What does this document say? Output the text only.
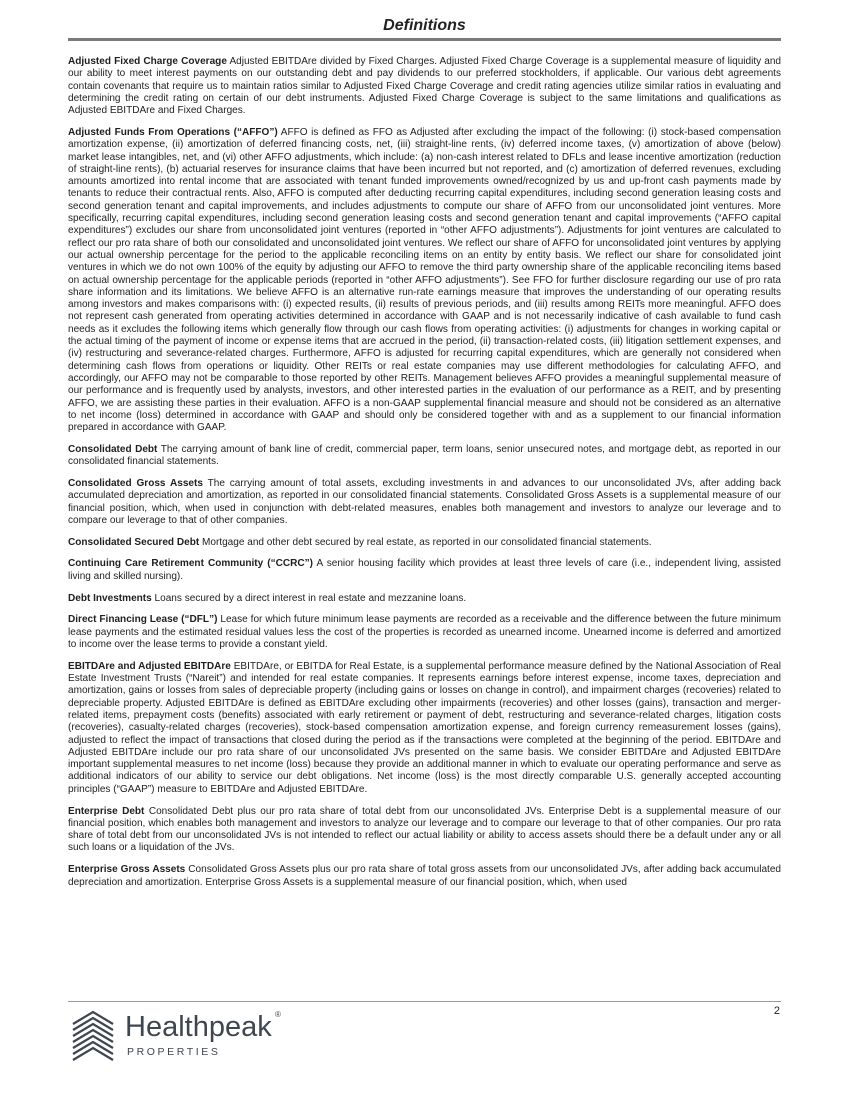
Definitions

Adjusted Fixed Charge Coverage Adjusted EBITDAre divided by Fixed Charges. Adjusted Fixed Charge Coverage is a supplemental measure of liquidity and our ability to meet interest payments on our outstanding debt and pay dividends to our preferred stockholders, if applicable. Our various debt agreements contain covenants that require us to maintain ratios similar to Adjusted Fixed Charge Coverage and credit rating agencies utilize similar ratios in evaluating and determining the credit rating on certain of our debt instruments. Adjusted Fixed Charge Coverage is subject to the same limitations and qualifications as Adjusted EBITDAre and Fixed Charges.

Adjusted Funds From Operations (“AFFO”) AFFO is defined as FFO as Adjusted after excluding the impact of the following: (i) stock-based compensation amortization expense, (ii) amortization of deferred financing costs, net, (iii) straight-line rents, (iv) deferred income taxes, (v) amortization of above (below) market lease intangibles, net, and (vi) other AFFO adjustments, which include: (a) non-cash interest related to DFLs and lease incentive amortization (reduction of straight-line rents), (b) actuarial reserves for insurance claims that have been incurred but not reported, and (c) amortization of deferred revenues, excluding amounts amortized into rental income that are associated with tenant funded improvements owned/recognized by us and up-front cash payments made by tenants to reduce their contractual rents. Also, AFFO is computed after deducting recurring capital expenditures, including second generation leasing costs and second generation tenant and capital improvements, and includes adjustments to compute our share of AFFO from our unconsolidated joint ventures. More specifically, recurring capital expenditures, including second generation leasing costs and second generation tenant and capital improvements (“AFFO capital expenditures”) excludes our share from unconsolidated joint ventures (reported in “other AFFO adjustments”). Adjustments for joint ventures are calculated to reflect our pro rata share of both our consolidated and unconsolidated joint ventures. We reflect our share of AFFO for unconsolidated joint ventures by applying our actual ownership percentage for the period to the applicable reconciling items on an entity by entity basis. We reflect our share for consolidated joint ventures in which we do not own 100% of the equity by adjusting our AFFO to remove the third party ownership share of the applicable reconciling items based on actual ownership percentage for the applicable periods (reported in “other AFFO adjustments”). See FFO for further disclosure regarding our use of pro rata share information and its limitations. We believe AFFO is an alternative run-rate earnings measure that improves the understanding of our operating results among investors and makes comparisons with: (i) expected results, (ii) results of previous periods, and (iii) results among REITs more meaningful. AFFO does not represent cash generated from operating activities determined in accordance with GAAP and is not necessarily indicative of cash available to fund cash needs as it excludes the following items which generally flow through our cash flows from operating activities: (i) adjustments for changes in working capital or the actual timing of the payment of income or expense items that are accrued in the period, (ii) transaction-related costs, (iii) litigation settlement expenses, and (iv) restructuring and severance-related charges. Furthermore, AFFO is adjusted for recurring capital expenditures, which are generally not considered when determining cash flows from operations or liquidity. Other REITs or real estate companies may use different methodologies for calculating AFFO, and accordingly, our AFFO may not be comparable to those reported by other REITs. Management believes AFFO provides a meaningful supplemental measure of our performance and is frequently used by analysts, investors, and other interested parties in the evaluation of our performance as a REIT, and by presenting AFFO, we are assisting these parties in their evaluation. AFFO is a non-GAAP supplemental financial measure and should not be considered as an alternative to net income (loss) determined in accordance with GAAP and should only be considered together with and as a supplement to our financial information prepared in accordance with GAAP.

Consolidated Debt The carrying amount of bank line of credit, commercial paper, term loans, senior unsecured notes, and mortgage debt, as reported in our consolidated financial statements.

Consolidated Gross Assets The carrying amount of total assets, excluding investments in and advances to our unconsolidated JVs, after adding back accumulated depreciation and amortization, as reported in our consolidated financial statements. Consolidated Gross Assets is a supplemental measure of our financial position, which, when used in conjunction with debt-related measures, enables both management and investors to analyze our leverage and to compare our leverage to that of other companies.

Consolidated Secured Debt Mortgage and other debt secured by real estate, as reported in our consolidated financial statements.

Continuing Care Retirement Community (“CCRC”) A senior housing facility which provides at least three levels of care (i.e., independent living, assisted living and skilled nursing).

Debt Investments Loans secured by a direct interest in real estate and mezzanine loans.

Direct Financing Lease (“DFL”) Lease for which future minimum lease payments are recorded as a receivable and the difference between the future minimum lease payments and the estimated residual values less the cost of the properties is recorded as unearned income. Unearned income is deferred and amortized to income over the lease terms to provide a constant yield.

EBITDAre and Adjusted EBITDAre EBITDAre, or EBITDA for Real Estate, is a supplemental performance measure defined by the National Association of Real Estate Investment Trusts (“Nareit”) and intended for real estate companies. It represents earnings before interest expense, income taxes, depreciation and amortization, gains or losses from sales of depreciable property (including gains or losses on change in control), and impairment charges (recoveries) related to depreciable property. Adjusted EBITDAre is defined as EBITDAre excluding other impairments (recoveries) and other losses (gains), transaction and merger-related items, prepayment costs (benefits) associated with early retirement or payment of debt, restructuring and severance-related charges, litigation costs (recoveries), casualty-related charges (recoveries), stock-based compensation amortization expense, and foreign currency remeasurement losses (gains), adjusted to reflect the impact of transactions that closed during the period as if the transactions were completed at the beginning of the period. EBITDAre and Adjusted EBITDAre include our pro rata share of our unconsolidated JVs presented on the same basis. We consider EBITDAre and Adjusted EBITDAre important supplemental measures to net income (loss) because they provide an additional manner in which to evaluate our operating performance and serve as additional indicators of our ability to service our debt obligations. Net income (loss) is the most directly comparable U.S. generally accepted accounting principles (“GAAP”) measure to EBITDAre and Adjusted EBITDAre.

Enterprise Debt Consolidated Debt plus our pro rata share of total debt from our unconsolidated JVs. Enterprise Debt is a supplemental measure of our financial position, which enables both management and investors to analyze our leverage and to compare our leverage to that of other companies. Our pro rata share of total debt from our unconsolidated JVs is not intended to reflect our actual liability or ability to access assets should there be a default under any or all such loans or a liquidation of the JVs.

Enterprise Gross Assets Consolidated Gross Assets plus our pro rata share of total gross assets from our unconsolidated JVs, after adding back accumulated depreciation and amortization. Enterprise Gross Assets is a supplemental measure of our financial position, which, when used

2
Healthpeak ®
PROPERTIES
